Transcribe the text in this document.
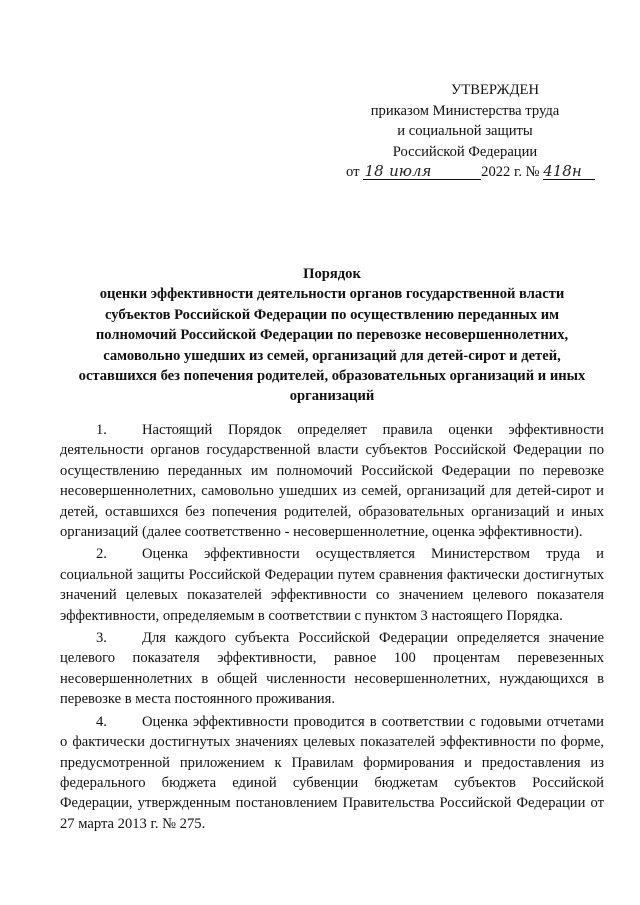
УТВЕРЖДЕН
приказом Министерства труда
и социальной защиты
Российской Федерации
от 18 июля	2022 г. № 418н
Порядок
оценки эффективности деятельности органов государственной власти
субъектов Российской Федерации по осуществлению переданных им
полномочий Российской Федерации по перевозке несовершеннолетних,
самовольно ушедших из семей, организаций для детей-сирот и детей,
оставшихся без попечения родителей, образовательных организаций и иных
организаций

1. Настоящий Порядок определяет правила оценки эффективности деятельности органов государственной власти субъектов Российской Федерации по осуществлению переданных им полномочий Российской Федерации по перевозке несовершеннолетних, самовольно ушедших из семей, организаций для детей-сирот и детей, оставшихся без попечения родителей, образовательных организаций и иных организаций (далее соответственно - несовершеннолетние, оценка эффективности).

2. Оценка эффективности осуществляется Министерством труда и социальной защиты Российской Федерации путем сравнения фактически достигнутых значений целевых показателей эффективности со значением целевого показателя эффективности, определяемым в соответствии с пунктом 3 настоящего Порядка.

3. Для каждого субъекта Российской Федерации определяется значение целевого показателя эффективности, равное 100 процентам перевезенных несовершеннолетних в общей численности несовершеннолетних, нуждающихся в перевозке в места постоянного проживания.

4. Оценка эффективности проводится в соответствии с годовыми отчетами о фактически достигнутых значениях целевых показателей эффективности по форме, предусмотренной приложением к Правилам формирования и предоставления из федерального бюджета единой субвенции бюджетам субъектов Российской Федерации, утвержденным постановлением Правительства Российской Федерации от 27 марта 2013 г. № 275.
